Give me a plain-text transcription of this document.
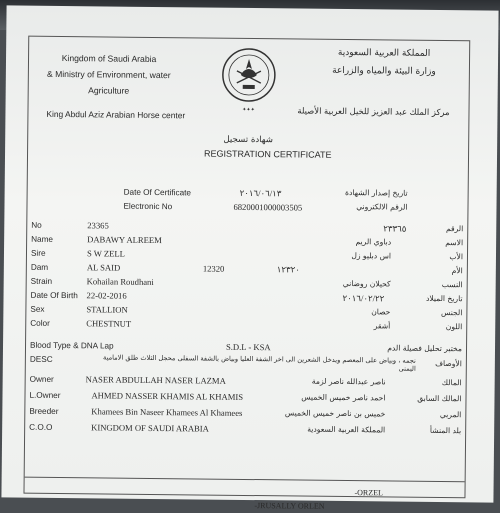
Kingdom of Saudi Arabia
& Ministry of Environment, water
Agriculture
King Abdul Aziz Arabian Horse center
المملكة العربية السعودية
وزارة البيئة والمياه والزراعة
مركز الملك عبد العزيز للخيل العربية الأصيلة
✦✦✦
شهادة تسجيل
REGISTRATION CERTIFICATE
Date Of Certificate	٢٠١٦/٠٦/١٣	تاريخ إصدار الشهادة
Electronic No	6820001000003505	الرقم الالكتروني
No	23365	٢٣٣٦٥	الرقم
Name	DABAWY ALREEM	دباوي الريم	الاسم
Sire	S W ZELL	اس دبليو زل	الأب
Dam	AL SAID	12320	١٢٣٢٠	الأم
Strain	Kohailan Roudhani	كحيلان روضاني	النسب
Date Of Birth 22-02-2016	٢٠١٦/٠٢/٢٢	تاريخ الميلاد
Sex	STALLION	حصان	الجنس
Color	CHESTNUT	أشقر	اللون
Blood Type & DNA Lap	S.D.L - KSA	مختبر تحليل فصيلة الدم
DESC	نجمه ، وبياض على المعصم ويدخل الشعرين الى اخر الشفة العليا وبياض بالشفة السفلى محجل الثلاث طلق الامامية اليمنى
الأوصاف
Owner	NASER ABDULLAH NASER LAZMA	ناصر عبدالله ناصر لزمة	المالك
L.Owner	AHMED NASSER KHAMIS AL KHAMIS	احمد ناصر خميس الخميس	المالك السابق
Breeder	Khamees Bin Naseer Khamees Al Khamees	خميس بن ناصر خميس الخميس	المربي
C.O.O	KINGDOM OF SAUDI ARABIA	المملكة العربية السعودية	بلد المنشأ
-ORZEL
-JRUSALLY ORLEN
